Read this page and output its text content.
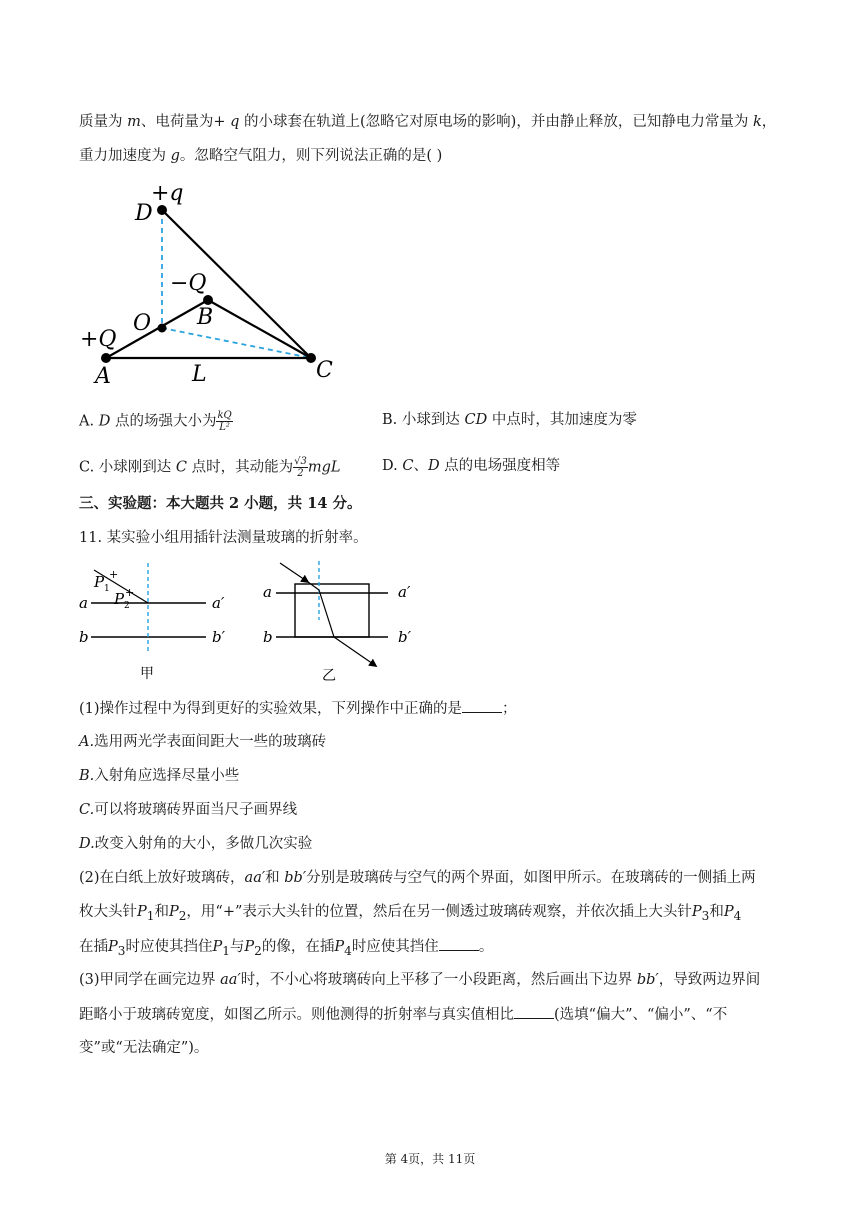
质量为 m、电荷量为+ q 的小球套在轨道上(忽略它对原电场的影响)，并由静止释放，已知静电力常量为 k，
重力加速度为 g。忽略空气阻力，则下列说法正确的是( )
+q
D
−Q
O B
+Q
A	L	C
A. D 点的场强大小为 $\frac{kQ}{\text{L²}}$	B. 小球到达 CD 中点时，其加速度为零
C. 小球刚到达 C 点时，其动能为 $\frac{√3}{2}$ mgL	D. C、D 点的电场强度相等
三、实验题：本大题共 2 小题，共 14 分。
11. 某实验小组用插针法测量玻璃的折射率。
+
+
P 1
P 2
a	a′
b	b′
甲
a	a′
b	b′
乙
(1)操作过程中为得到更好的实验效果，下列操作中正确的是	；
A.选用两光学表面间距大一些的玻璃砖
B.入射角应选择尽量小些
C.可以将玻璃砖界面当尺子画界线
D.改变入射角的大小，多做几次实验
(2)在白纸上放好玻璃砖，aa′和 bb′分别是玻璃砖与空气的两个界面，如图甲所示。在玻璃砖的一侧插上两
枚大头针$P_1$和$P_2$，用“+”表示大头针的位置，然后在另一侧透过玻璃砖观察，并依次插上大头针$P_3$和$P_4$
在插$P_3$时应使其挡住$P_1$与$P_2$的像，在插$P_4$时应使其挡住	。
(3)甲同学在画完边界 aa′时，不小心将玻璃砖向上平移了一小段距离，然后画出下边界 bb′，导致两边界间
距略小于玻璃砖宽度，如图乙所示。则他测得的折射率与真实值相比	(选填“偏大”、“偏小”、“不
变”或“无法确定”)。
第 4页，共 11页
